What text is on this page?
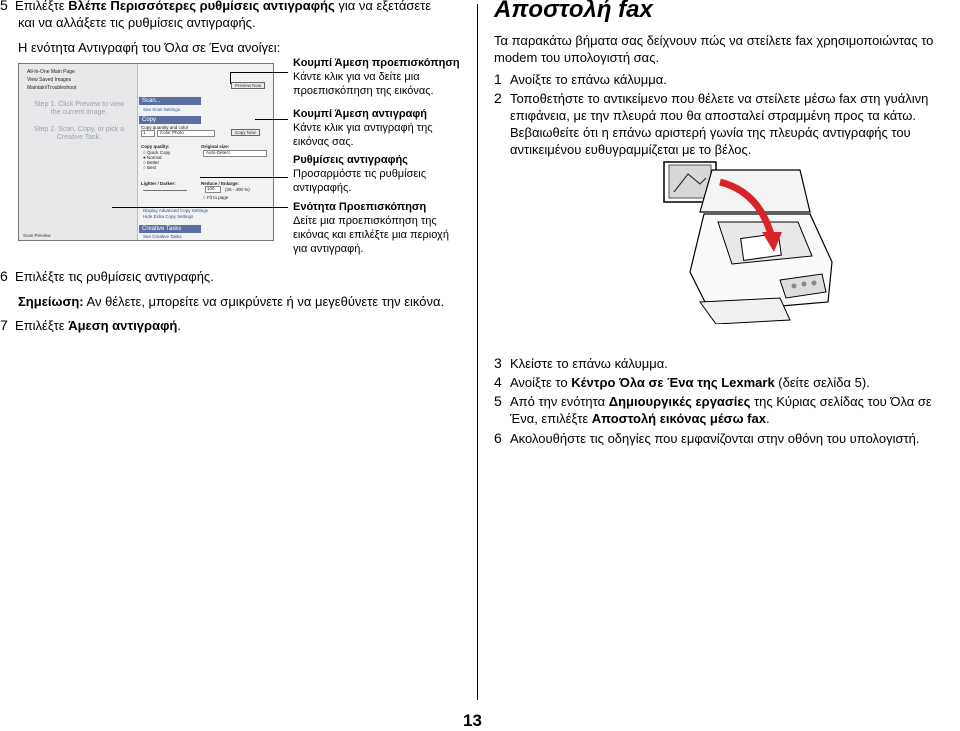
5 Επιλέξτε Βλέπε Περισσότερες ρυθμίσεις αντιγραφής για να εξετάσετε
και να αλλάξετε τις ρυθμίσεις αντιγραφής.
Η ενότητα Αντιγραφή του Όλα σε Ένα ανοίγει:
All-In-One Main Page
View Saved Images
Maintain/Troubleshoot
Step 1. Click Preview to view the current image.
Step 2. Scan, Copy, or pick a Creative Task.
Scan Preview
Preview Now
Scan...
See Scan Settings
Copy
Copy quantity and color
1	Color Photo	Copy Now
Copy quality:
○ Quick Copy
● Normal
○ Better
○ Best
Original size:
Auto-Detect
Lighter / Darker:	Reduce / Enlarge:
100 (25 - 400 %)
○ Fit to page
Display Advanced Copy Settings
Hide Extra Copy Settings
Creative Tasks
See Creative Tasks
Κουμπί Άμεση προεπισκόπηση
Κάντε κλικ για να δείτε μια
προεπισκόπηση της εικόνας.
Κουμπί Άμεση αντιγραφή
Κάντε κλικ για αντιγραφή της
εικόνας σας.
Ρυθμίσεις αντιγραφής
Προσαρμόστε τις ρυθμίσεις
αντιγραφής.
Ενότητα Προεπισκόπηση
Δείτε μια προεπισκόπηση της
εικόνας και επιλέξτε μια περιοχή
για αντιγραφή.
6 Επιλέξτε τις ρυθμίσεις αντιγραφής.
Σημείωση: Αν θέλετε, μπορείτε να σμικρύνετε ή να μεγεθύνετε την εικόνα.
7 Επιλέξτε Άμεση αντιγραφή.
13
Αποστολή fax
Τα παρακάτω βήματα σας δείχνουν πώς να στείλετε fax χρησιμοποιώντας το modem του υπολογιστή σας.
1 Ανοίξτε το επάνω κάλυμμα.
2 Τοποθετήστε το αντικείμενο που θέλετε να στείλετε μέσω fax στη γυάλινη
επιφάνεια, με την πλευρά που θα αποσταλεί στραμμένη προς τα κάτω.
Βεβαιωθείτε ότι η επάνω αριστερή γωνία της πλευράς αντιγραφής του
αντικειμένου ευθυγραμμίζεται με το βέλος.
3 Κλείστε το επάνω κάλυμμα.
4 Ανοίξτε το Κέντρο Όλα σε Ένα της Lexmark (δείτε σελίδα 5).
5 Από την ενότητα Δημιουργικές εργασίες της Κύριας σελίδας του Όλα σε
Ένα, επιλέξτε Αποστολή εικόνας μέσω fax.
6 Ακολουθήστε τις οδηγίες που εμφανίζονται στην οθόνη του υπολογιστή.
